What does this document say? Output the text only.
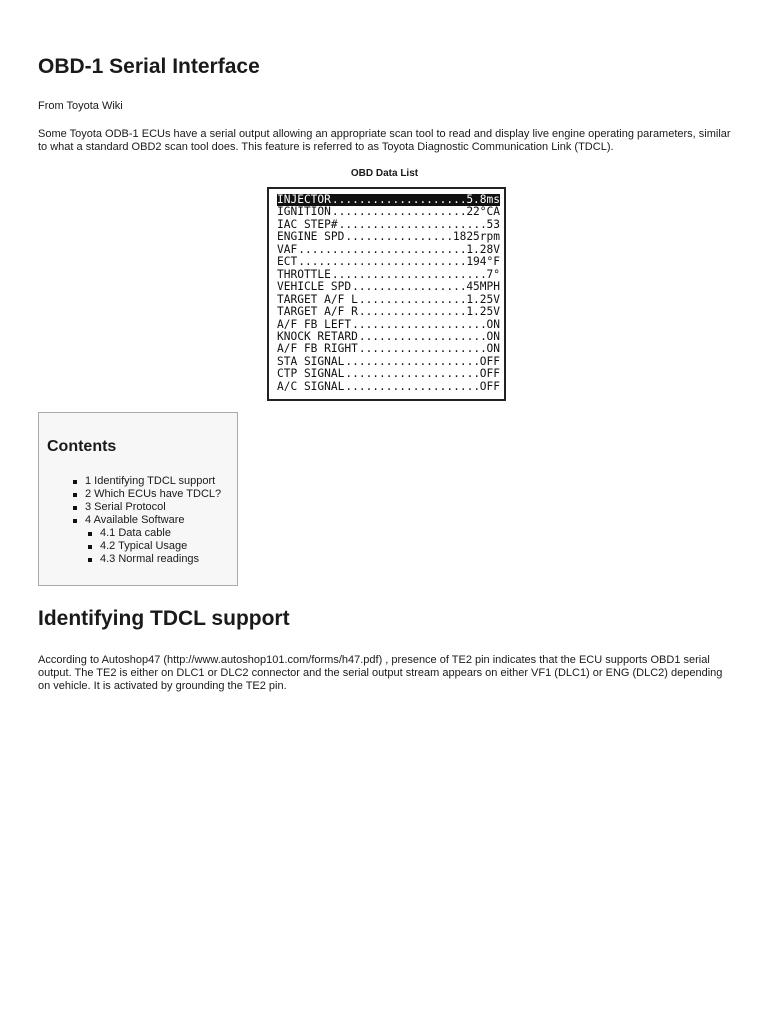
OBD-1 Serial Interface

From Toyota Wiki

Some Toyota ODB-1 ECUs have a serial output allowing an appropriate scan tool to read and display live engine operating parameters, similar to what a standard OBD2 scan tool does. This feature is referred to as Toyota Diagnostic Communication Link (TDCL).

OBD Data List

INJECTOR .....	5.8ms
IGNITION .....	22°CA
IAC STEP# .....	53
ENGINE SPD .....	1825rpm
VAF .....	1.28V
ECT .....	194°F
THROTTLE .....	7°
VEHICLE SPD .....	45MPH
TARGET A/F L .....	1.25V
TARGET A/F R .....	1.25V
A/F FB LEFT .....	ON
KNOCK RETARD .....	ON
A/F FB RIGHT .....	ON
STA SIGNAL .....	OFF
CTP SIGNAL .....	OFF
A/C SIGNAL .....	OFF
Contents
1 Identifying TDCL support
2 Which ECUs have TDCL?
3 Serial Protocol
4 Available Software
4.1 Data cable
4.2 Typical Usage
4.3 Normal readings
Identifying TDCL support

According to Autoshop47 (http://www.autoshop101.com/forms/h47.pdf) , presence of TE2 pin indicates that the ECU supports OBD1 serial output. The TE2 is either on DLC1 or DLC2 connector and the serial output stream appears on either VF1 (DLC1) or ENG (DLC2) depending on vehicle. It is activated by grounding the TE2 pin.
